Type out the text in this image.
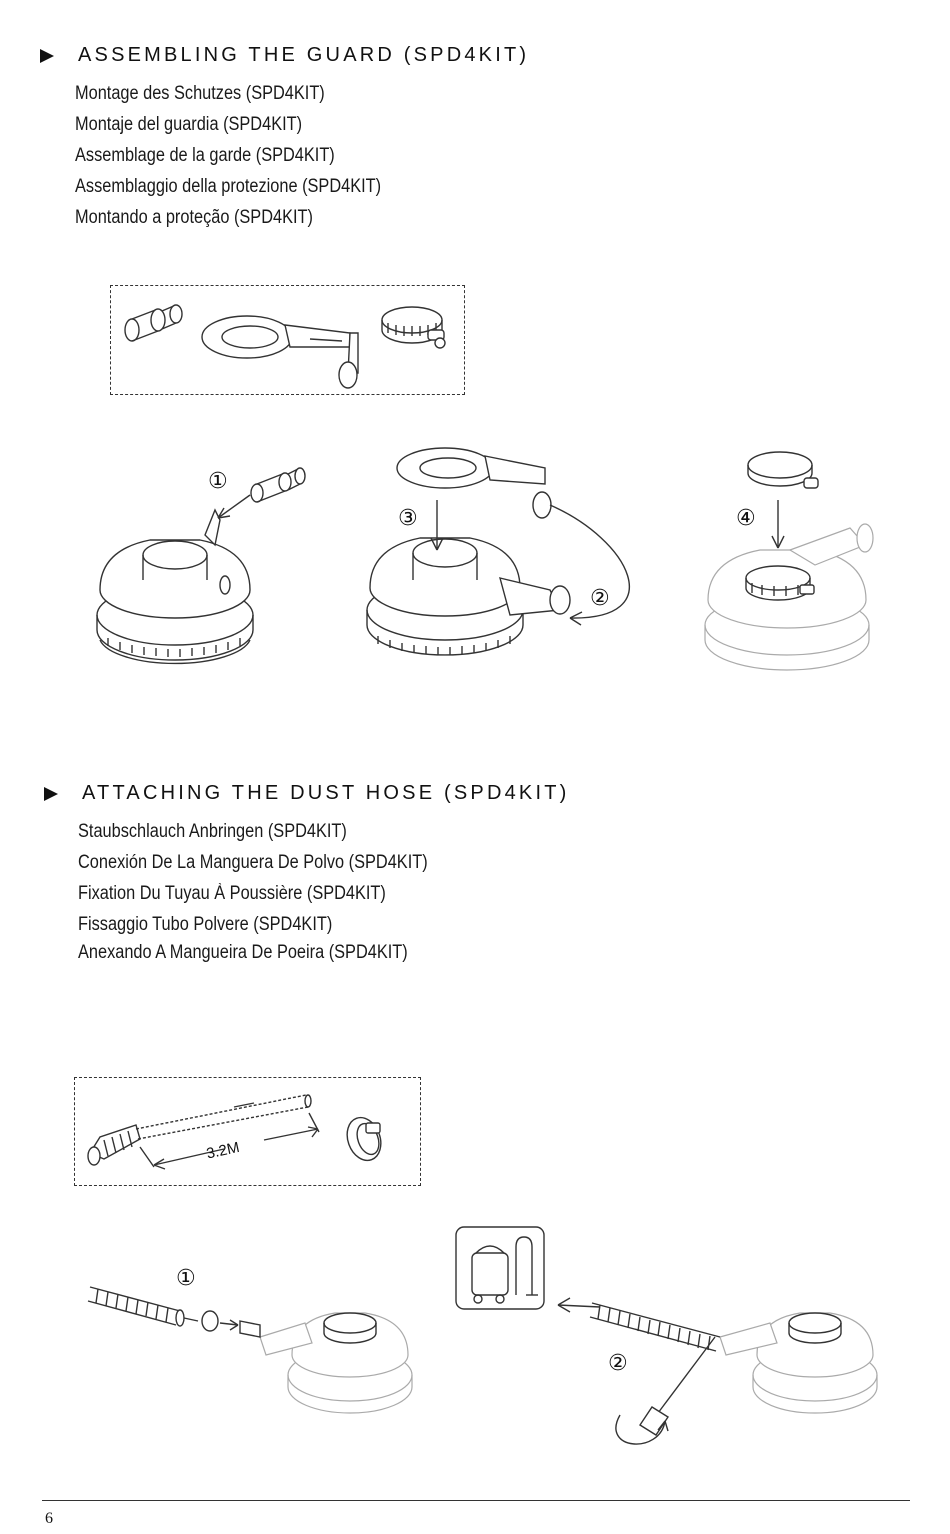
ASSEMBLING THE GUARD (SPD4KIT)
Montage des Schutzes (SPD4KIT)
Montaje del guardia (SPD4KIT)
Assemblage de la garde (SPD4KIT)
Assemblaggio della protezione (SPD4KIT)
Montando a proteção (SPD4KIT)
①
③
②
④
ATTACHING THE DUST HOSE (SPD4KIT)
Staubschlauch Anbringen (SPD4KIT)
Conexión De La Manguera De Polvo (SPD4KIT)
Fixation Du Tuyau À Poussière (SPD4KIT)
Fissaggio Tubo Polvere (SPD4KIT)
Anexando A Mangueira De Poeira (SPD4KIT)
3.2M
①
②
6
